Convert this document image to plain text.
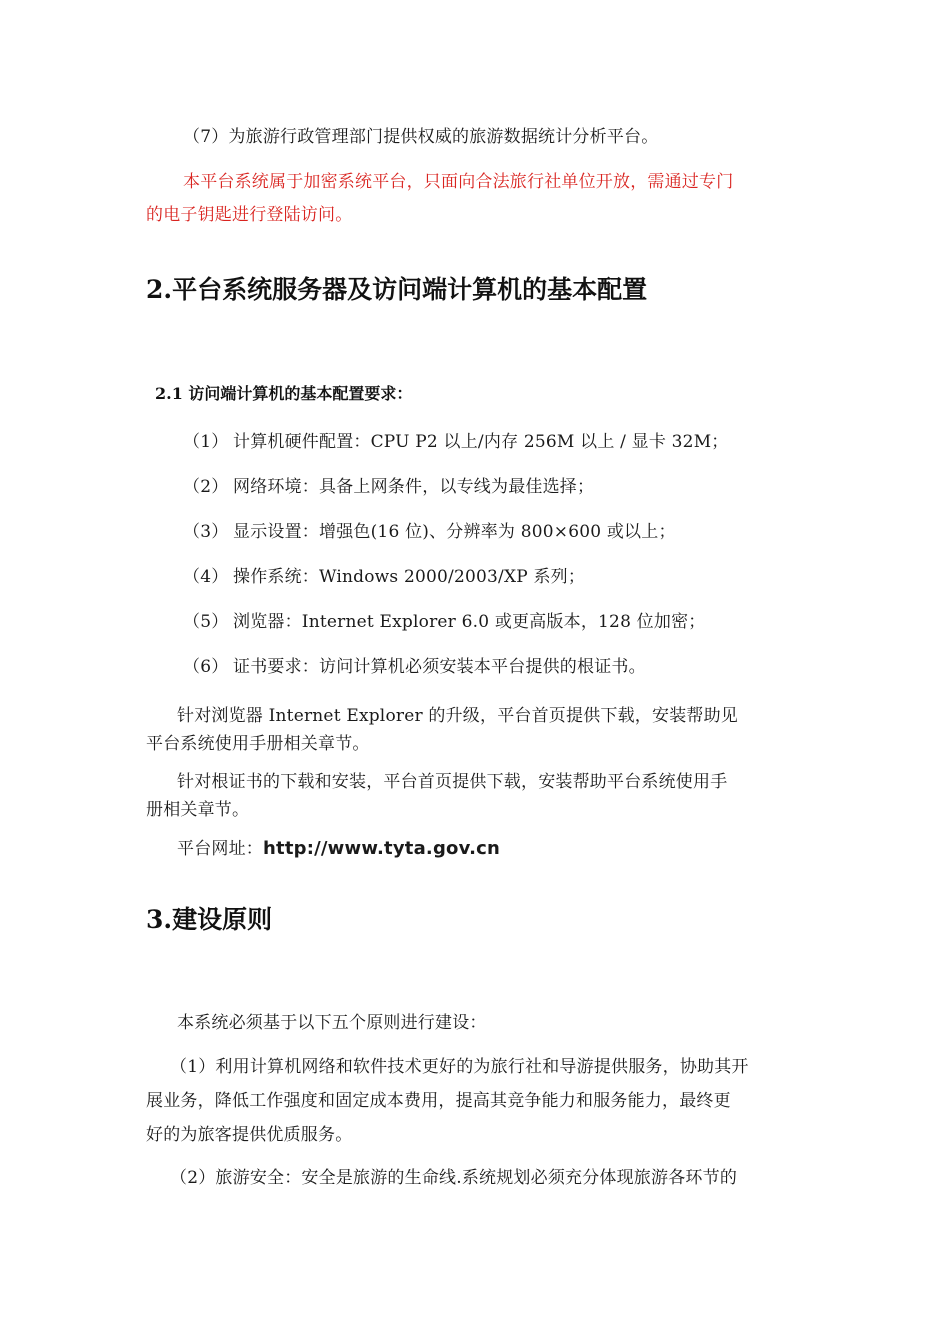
（7）为旅游行政管理部门提供权威的旅游数据统计分析平台。
本平台系统属于加密系统平台，只面向合法旅行社单位开放，需通过专门
的电子钥匙进行登陆访问。
2.平台系统服务器及访问端计算机的基本配置
2.1 访问端计算机的基本配置要求：
（1） 计算机硬件配置：CPU P2 以上/内存 256M 以上 / 显卡 32M；
（2） 网络环境：具备上网条件，以专线为最佳选择；
（3） 显示设置：增强色(16 位)、分辨率为 800×600 或以上；
（4） 操作系统：Windows 2000/2003/XP 系列；
（5） 浏览器：Internet Explorer 6.0 或更高版本，128 位加密；
（6） 证书要求：访问计算机必须安装本平台提供的根证书。
针对浏览器 Internet Explorer 的升级，平台首页提供下载，安装帮助见
平台系统使用手册相关章节。
针对根证书的下载和安装，平台首页提供下载，安装帮助平台系统使用手
册相关章节。
平台网址：http://www.tyta.gov.cn
3.建设原则
本系统必须基于以下五个原则进行建设：
（1）利用计算机网络和软件技术更好的为旅行社和导游提供服务，协助其开
展业务，降低工作强度和固定成本费用，提高其竞争能力和服务能力，最终更
好的为旅客提供优质服务。
（2）旅游安全：安全是旅游的生命线.系统规划必须充分体现旅游各环节的
